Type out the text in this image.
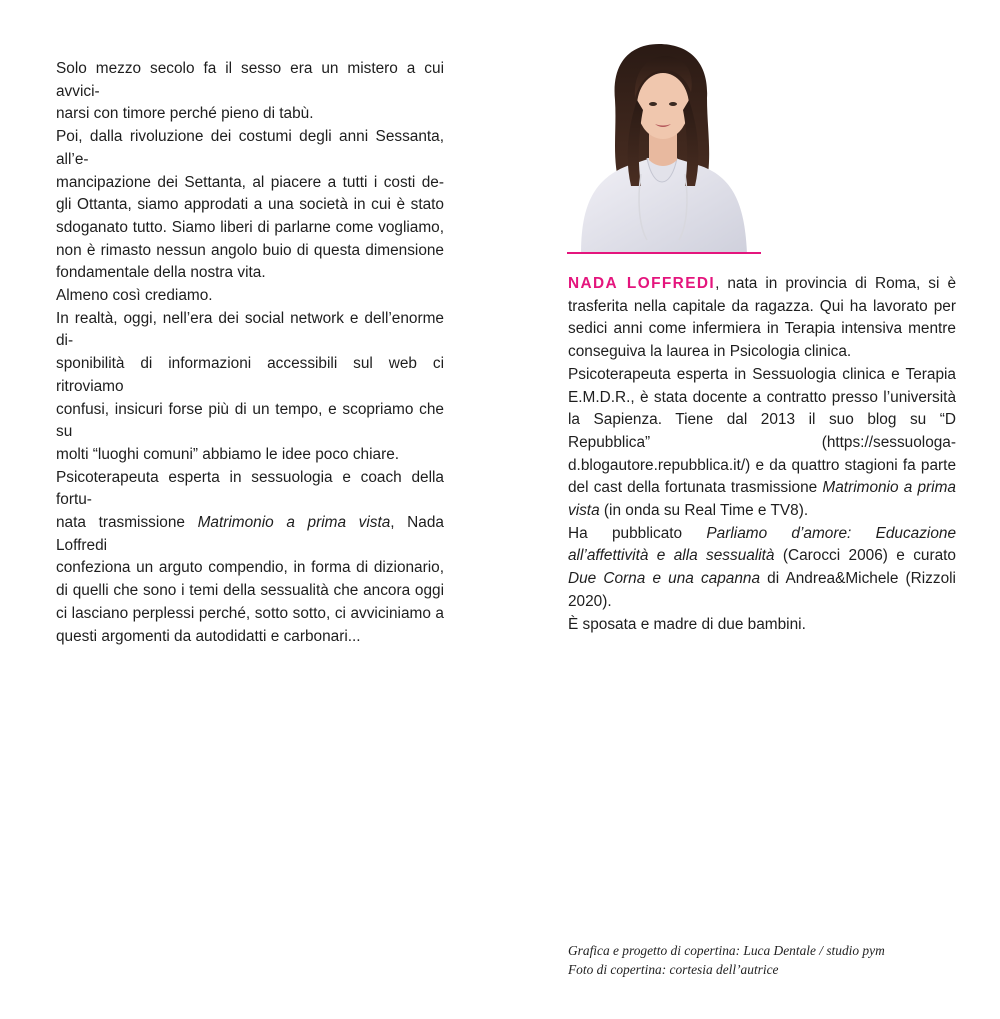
Solo mezzo secolo fa il sesso era un mistero a cui avvici-
narsi con timore perché pieno di tabù.

Poi, dalla rivoluzione dei costumi degli anni Sessanta, all’e-
mancipazione dei Settanta, al piacere a tutti i costi de-
gli Ottanta, siamo approdati a una società in cui è stato
sdoganato tutto. Siamo liberi di parlarne come vogliamo,
non è rimasto nessun angolo buio di questa dimensione
fondamentale della nostra vita.

Almeno così crediamo.

In realtà, oggi, nell’era dei social network e dell’enorme di-
sponibilità di informazioni accessibili sul web ci ritroviamo
confusi, insicuri forse più di un tempo, e scopriamo che su
molti “luoghi comuni” abbiamo le idee poco chiare.

Psicoterapeuta esperta in sessuologia e coach della fortu-
nata trasmissione Matrimonio a prima vista, Nada Loffredi
confeziona un arguto compendio, in forma di dizionario,
di quelli che sono i temi della sessualità che ancora oggi
ci lasciano perplessi perché, sotto sotto, ci avviciniamo a
questi argomenti da autodidatti e carbonari...

NADA LOFFREDI, nata in provincia di Roma, si è trasferita nella capitale da ragazza. Qui ha lavorato per sedici anni come infermiera in Terapia intensiva mentre conseguiva la laurea in Psicologia clinica.

Psicoterapeuta esperta in Sessuologia clinica e Terapia E.M.D.R., è stata docente a contratto presso l’università la Sapienza. Tiene dal 2013 il suo blog su “D Repubblica” (https://sessuologa-d.blogautore.repubblica.it/) e da quattro stagioni fa parte del cast della fortunata trasmissione Matrimonio a prima vista (in onda su Real Time e TV8).

Ha pubblicato Parliamo d’amore: Educazione all’affettività e alla sessualità (Carocci 2006) e curato Due Corna e una capanna di Andrea&Michele (Rizzoli 2020).

È sposata e madre di due bambini.

Grafica e progetto di copertina: Luca Dentale / studio pym
Foto di copertina: cortesia dell’autrice
